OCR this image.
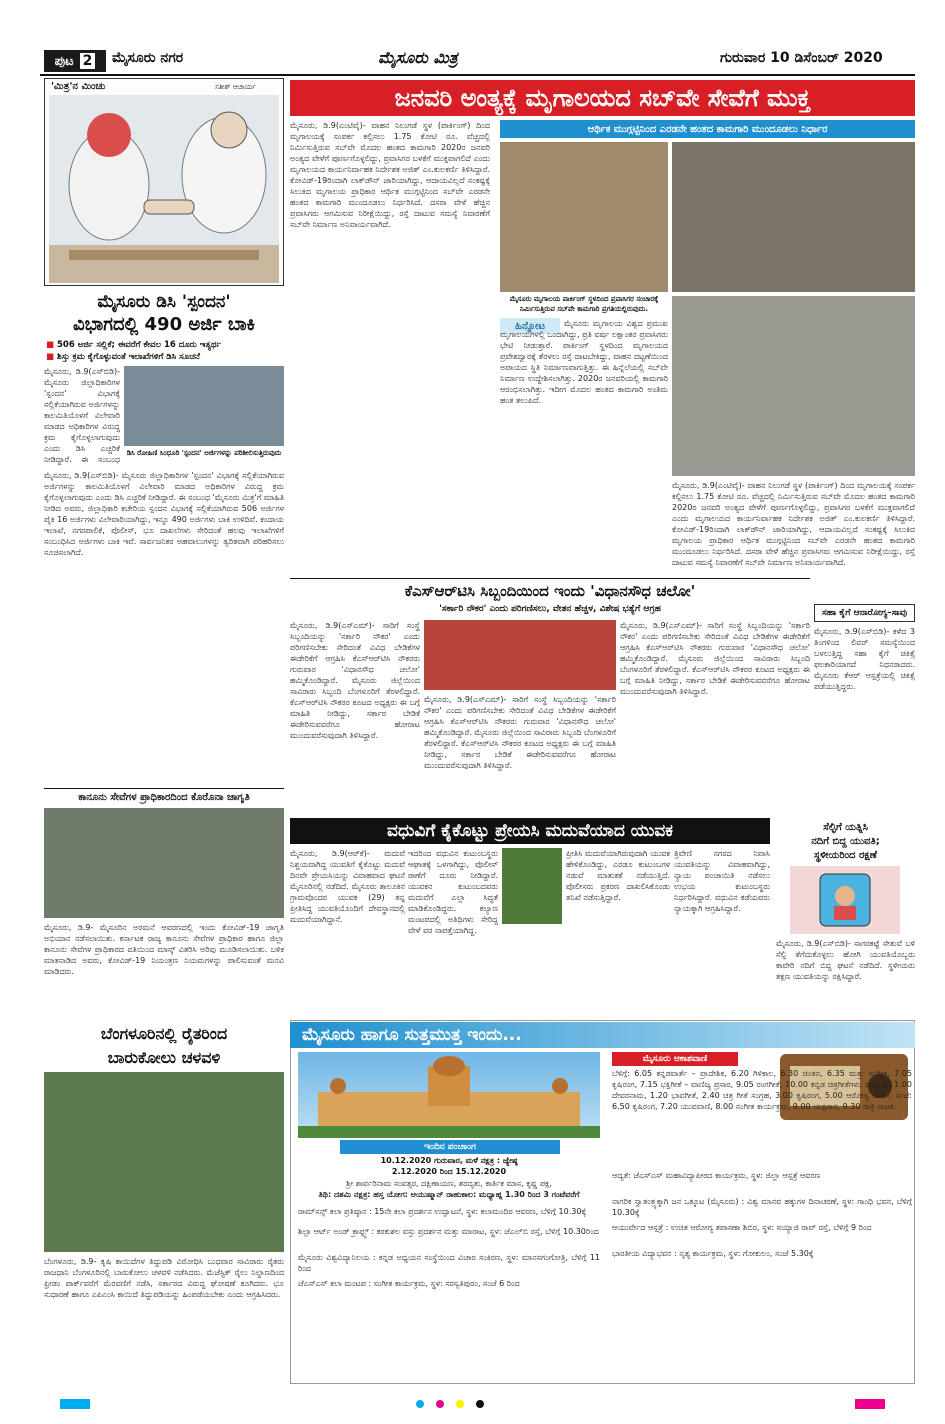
ಪುಟ 2 ಮೈಸೂರು ನಗರ	ಮೈಸೂರು ಮಿತ್ರ	ಗುರುವಾರ 10 ಡಿಸೆಂಬರ್ 2020
'ಮಿತ್ರ'ನ ಮಿಂಚು	ಸತೀಶ್ ಆಚಾರ್ಯ
ಮೈಸೂರು ಡಿಸಿ 'ಸ್ಪಂದನ'
ವಿಭಾಗದಲ್ಲಿ 490 ಅರ್ಜಿ ಬಾಕಿ
■ 506 ಅರ್ಜಿ ಸಲ್ಲಿಕೆ; ಈವರೆಗೆ ಕೇವಲ 16 ದೂರು ಇತ್ಯರ್ಥ
■ ಶಿಸ್ತು ಕ್ರಮ ಕೈಗೊಳ್ಳುವಂತೆ ಇಲಾಖೆಗಳಿಗೆ ಡಿಸಿ ಸೂಚನೆ
ಡಿಸಿ ರೋಹಿಣಿ ಸಿಂಧೂರಿ 'ಸ್ಪಂದನ' ಅರ್ಜಿಗಳನ್ನು ಪರಿಶೀಲಿಸುತ್ತಿರುವುದು
ಮೈಸೂರು, ಡಿ.9(ಎಸ್‌ಬಿಡಿ)- ಮೈಸೂರು ಜಿಲ್ಲಾಧಿಕಾರಿಗಳ 'ಸ್ಪಂದನ' ವಿಭಾಗಕ್ಕೆ ಸಲ್ಲಿಕೆಯಾಗಿರುವ ಅರ್ಜಿಗಳನ್ನು ಕಾಲಮಿತಿಯೊಳಗೆ ವಿಲೇವಾರಿ ಮಾಡದ ಅಧಿಕಾರಿಗಳ ವಿರುದ್ಧ ಕ್ರಮ ಕೈಗೊಳ್ಳಲಾಗುವುದು ಎಂದು ಡಿಸಿ ಎಚ್ಚರಿಕೆ ನೀಡಿದ್ದಾರೆ. ಈ ಸಂಬಂಧ
ಮೈಸೂರು, ಡಿ.9(ಎಸ್‌ಬಿಡಿ)- ಮೈಸೂರು ಜಿಲ್ಲಾಧಿಕಾರಿಗಳ 'ಸ್ಪಂದನ' ವಿಭಾಗಕ್ಕೆ ಸಲ್ಲಿಕೆಯಾಗಿರುವ ಅರ್ಜಿಗಳನ್ನು ಕಾಲಮಿತಿಯೊಳಗೆ ವಿಲೇವಾರಿ ಮಾಡದ ಅಧಿಕಾರಿಗಳ ವಿರುದ್ಧ ಕ್ರಮ ಕೈಗೊಳ್ಳಲಾಗುವುದು ಎಂದು ಡಿಸಿ ಎಚ್ಚರಿಕೆ ನೀಡಿದ್ದಾರೆ. ಈ ಸಂಬಂಧ 'ಮೈಸೂರು ಮಿತ್ರ'ಗೆ ಮಾಹಿತಿ ನೀಡಿದ ಅವರು, ಜಿಲ್ಲಾಧಿಕಾರಿ ಕಚೇರಿಯ ಸ್ಪಂದನ ವಿಭಾಗಕ್ಕೆ ಸಲ್ಲಿಕೆಯಾಗಿರುವ 506 ಅರ್ಜಿಗಳ ಪೈಕಿ 16 ಅರ್ಜಿಗಳು ವಿಲೇವಾರಿಯಾಗಿದ್ದು, ಇನ್ನೂ 490 ಅರ್ಜಿಗಳು ಬಾಕಿ ಉಳಿದಿವೆ. ಕಂದಾಯ ಇಲಾಖೆ, ನಗರಪಾಲಿಕೆ, ಪೊಲೀಸ್, ಭೂ ದಾಖಲೆಗಳು ಸೇರಿದಂತೆ ಹಲವು ಇಲಾಖೆಗಳಿಗೆ ಸಂಬಂಧಿಸಿದ ಅರ್ಜಿಗಳು ಬಾಕಿ ಇವೆ. ಸಾರ್ವಜನಿಕರ ಅಹವಾಲುಗಳನ್ನು ತ್ವರಿತವಾಗಿ ಪರಿಹರಿಸಲು ಸೂಚಿಸಲಾಗಿದೆ.
ಕಾನೂನು ಸೇವೆಗಳ ಪ್ರಾಧಿಕಾರದಿಂದ ಕೊರೊನಾ ಜಾಗೃತಿ
ಮೈಸೂರು, ಡಿ.9- ಮೈಸೂರಿನ ಅರಮನೆ ಆವರಣದಲ್ಲಿ ಇಂದು ಕೋವಿಡ್-19 ಜಾಗೃತಿ ಅಭಿಯಾನ ನಡೆಸಲಾಯಿತು. ಕರ್ನಾಟಕ ರಾಜ್ಯ ಕಾನೂನು ಸೇವೆಗಳ ಪ್ರಾಧಿಕಾರ ಹಾಗೂ ಜಿಲ್ಲಾ ಕಾನೂನು ಸೇವೆಗಳ ಪ್ರಾಧಿಕಾರದ ವತಿಯಿಂದ ಮಾಸ್ಕ್ ವಿತರಿಸಿ ಅರಿವು ಮೂಡಿಸಲಾಯಿತು. ಬಳಿಕ ಮಾತನಾಡಿದ ಅವರು, ಕೋವಿಡ್-19 ನಿಯಂತ್ರಣ ನಿಯಮಗಳನ್ನು ಪಾಲಿಸುವಂತೆ ಮನವಿ ಮಾಡಿದರು.
ಬೆಂಗಳೂರಿನಲ್ಲಿ ರೈತರಿಂದ
ಬಾರುಕೋಲು ಚಳವಳಿ
ಬೆಂಗಳೂರು, ಡಿ.9- ಕೃಷಿ ಕಾಯಿದೆಗಳ ತಿದ್ದುಪಡಿ ವಿರೋಧಿಸಿ ಬುಧವಾರ ಸಾವಿರಾರು ರೈತರು ರಾಜಧಾನಿ ಬೆಂಗಳೂರಿನಲ್ಲಿ ಬಾರುಕೋಲು ಚಳವಳಿ ನಡೆಸಿದರು. ಮೆಜೆಸ್ಟಿಕ್ ರೈಲು ನಿಲ್ದಾಣದಿಂದ ಫ್ರೀಡಂ ಪಾರ್ಕ್‌ವರೆಗೆ ಮೆರವಣಿಗೆ ನಡೆಸಿ, ಸರ್ಕಾರದ ವಿರುದ್ಧ ಘೋಷಣೆ ಕೂಗಿದರು. ಭೂ ಸುಧಾರಣೆ ಹಾಗೂ ಎಪಿಎಂಸಿ ಕಾಯಿದೆ ತಿದ್ದುಪಡಿಯನ್ನು ಹಿಂಪಡೆಯಬೇಕು ಎಂದು ಆಗ್ರಹಿಸಿದರು.
ಜನವರಿ ಅಂತ್ಯಕ್ಕೆ ಮೃಗಾಲಯದ ಸಬ್‌ವೇ ಸೇವೆಗೆ ಮುಕ್ತ
ಮೈಸೂರು, ಡಿ.9(ಎಂಟಿವೈ)- ವಾಹನ ನಿಲುಗಡೆ ಸ್ಥಳ (ಪಾರ್ಕಿಂಗ್) ದಿಂದ ಮೃಗಾಲಯಕ್ಕೆ ಸಂಪರ್ಕ ಕಲ್ಪಿಸಲು 1.75 ಕೋಟಿ ರೂ. ವೆಚ್ಚದಲ್ಲಿ ನಿರ್ಮಿಸುತ್ತಿರುವ ಸಬ್‌ವೇ ಮೊದಲ ಹಂತದ ಕಾಮಗಾರಿ 2020ರ ಜನವರಿ ಅಂತ್ಯದ ವೇಳೆಗೆ ಪೂರ್ಣಗೊಳ್ಳಲಿದ್ದು, ಪ್ರವಾಸಿಗರ ಬಳಕೆಗೆ ಮುಕ್ತವಾಗಲಿದೆ ಎಂದು ಮೃಗಾಲಯದ ಕಾರ್ಯನಿರ್ವಾಹಕ ನಿರ್ದೇಶಕ ಅಜಿತ್ ಎಂ.ಕುಲಕರ್ಣಿ ತಿಳಿಸಿದ್ದಾರೆ. ಕೋವಿಡ್-19ರಿಂದಾಗಿ ಲಾಕ್‌ಡೌನ್ ಜಾರಿಯಾಗಿದ್ದು, ಆದಾಯವಿಲ್ಲದೆ ಸಂಕಷ್ಟಕ್ಕೆ ಸಿಲುಕಿದ ಮೃಗಾಲಯ ಪ್ರಾಧಿಕಾರ ಆರ್ಥಿಕ ಮುಗ್ಗಟ್ಟಿನಿಂದ ಸಬ್‌ವೇ ಎರಡನೇ ಹಂತದ ಕಾಮಗಾರಿ ಮುಂದೂಡಲು ನಿರ್ಧರಿಸಿದೆ. ದಸರಾ ವೇಳೆ ಹೆಚ್ಚಿನ ಪ್ರವಾಸಿಗರು ಆಗಮಿಸುವ ನಿರೀಕ್ಷೆಯಿದ್ದು, ರಸ್ತೆ ದಾಟುವ ಸಮಸ್ಯೆ ನಿವಾರಣೆಗೆ ಸಬ್‌ವೇ ನಿರ್ಮಾಣ ಅನಿವಾರ್ಯವಾಗಿದೆ.
ಆರ್ಥಿಕ ಮುಗ್ಗಟ್ಟಿನಿಂದ ಎರಡನೇ ಹಂತದ ಕಾಮಗಾರಿ ಮುಂದೂಡಲು ನಿರ್ಧಾರ
ಮೈಸೂರು ಮೃಗಾಲಯ ಪಾರ್ಕಿಂಗ್ ಸ್ಥಳದಿಂದ ಪ್ರವಾಸಿಗರ ಸಂಚಾರಕ್ಕೆ ನಿರ್ಮಿಸುತ್ತಿರುವ ಸಬ್‌ವೇ ಕಾಮಗಾರಿ ಪ್ರಗತಿಯಲ್ಲಿರುವುದು.
ಹಿನ್ನೋಟ	ಮೈಸೂರು ಮೃಗಾಲಯ ವಿಶ್ವದ ಪ್ರಮುಖ ಮೃಗಾಲಯಗಳಲ್ಲಿ ಒಂದಾಗಿದ್ದು, ಪ್ರತಿ ವರ್ಷ ಲಕ್ಷಾಂತರ ಪ್ರವಾಸಿಗರು ಭೇಟಿ ನೀಡುತ್ತಾರೆ. ಪಾರ್ಕಿಂಗ್ ಸ್ಥಳದಿಂದ ಮೃಗಾಲಯದ ಪ್ರವೇಶದ್ವಾರಕ್ಕೆ ತೆರಳಲು ರಸ್ತೆ ದಾಟಬೇಕಿದ್ದು, ವಾಹನ ದಟ್ಟಣೆಯಿಂದ ಅಪಾಯದ ಸ್ಥಿತಿ ನಿರ್ಮಾಣವಾಗುತ್ತಿತ್ತು. ಈ ಹಿನ್ನೆಲೆಯಲ್ಲಿ ಸಬ್‌ವೇ ನಿರ್ಮಾಣ ಉದ್ದೇಶಿಸಲಾಗಿತ್ತು. 2020ರ ಜನವರಿಯಲ್ಲಿ ಕಾಮಗಾರಿ ಆರಂಭಿಸಲಾಗಿತ್ತು. ಇದೀಗ ಮೊದಲ ಹಂತದ ಕಾಮಗಾರಿ ಅಂತಿಮ ಹಂತ ತಲುಪಿದೆ.
ಮೈಸೂರು, ಡಿ.9(ಎಂಟಿವೈ)- ವಾಹನ ನಿಲುಗಡೆ ಸ್ಥಳ (ಪಾರ್ಕಿಂಗ್) ದಿಂದ ಮೃಗಾಲಯಕ್ಕೆ ಸಂಪರ್ಕ ಕಲ್ಪಿಸಲು 1.75 ಕೋಟಿ ರೂ. ವೆಚ್ಚದಲ್ಲಿ ನಿರ್ಮಿಸುತ್ತಿರುವ ಸಬ್‌ವೇ ಮೊದಲ ಹಂತದ ಕಾಮಗಾರಿ 2020ರ ಜನವರಿ ಅಂತ್ಯದ ವೇಳೆಗೆ ಪೂರ್ಣಗೊಳ್ಳಲಿದ್ದು, ಪ್ರವಾಸಿಗರ ಬಳಕೆಗೆ ಮುಕ್ತವಾಗಲಿದೆ ಎಂದು ಮೃಗಾಲಯದ ಕಾರ್ಯನಿರ್ವಾಹಕ ನಿರ್ದೇಶಕ ಅಜಿತ್ ಎಂ.ಕುಲಕರ್ಣಿ ತಿಳಿಸಿದ್ದಾರೆ. ಕೋವಿಡ್-19ರಿಂದಾಗಿ ಲಾಕ್‌ಡೌನ್ ಜಾರಿಯಾಗಿದ್ದು, ಆದಾಯವಿಲ್ಲದೆ ಸಂಕಷ್ಟಕ್ಕೆ ಸಿಲುಕಿದ ಮೃಗಾಲಯ ಪ್ರಾಧಿಕಾರ ಆರ್ಥಿಕ ಮುಗ್ಗಟ್ಟಿನಿಂದ ಸಬ್‌ವೇ ಎರಡನೇ ಹಂತದ ಕಾಮಗಾರಿ ಮುಂದೂಡಲು ನಿರ್ಧರಿಸಿದೆ. ದಸರಾ ವೇಳೆ ಹೆಚ್ಚಿನ ಪ್ರವಾಸಿಗರು ಆಗಮಿಸುವ ನಿರೀಕ್ಷೆಯಿದ್ದು, ರಸ್ತೆ ದಾಟುವ ಸಮಸ್ಯೆ ನಿವಾರಣೆಗೆ ಸಬ್‌ವೇ ನಿರ್ಮಾಣ ಅನಿವಾರ್ಯವಾಗಿದೆ.
ಕೆಎಸ್‌ಆರ್‌ಟಿಸಿ ಸಿಬ್ಬಂದಿಯಿಂದ ಇಂದು 'ವಿಧಾನಸೌಧ ಚಲೋ'
'ಸರ್ಕಾರಿ ನೌಕರ' ಎಂದು ಪರಿಗಣಿಸಲು, ವೇತನ ಹೆಚ್ಚಳ, ವಿಶೇಷ ಭತ್ಯೆಗೆ ಆಗ್ರಹ
ಮೈಸೂರು, ಡಿ.9(ಎಸ್‌ಎಮ್‌)- ಸಾರಿಗೆ ಸಂಸ್ಥೆ ಸಿಬ್ಬಂದಿಯನ್ನು 'ಸರ್ಕಾರಿ ನೌಕರ' ಎಂದು ಪರಿಗಣಿಸಬೇಕು ಸೇರಿದಂತೆ ವಿವಿಧ ಬೇಡಿಕೆಗಳ ಈಡೇರಿಕೆಗೆ ಆಗ್ರಹಿಸಿ ಕೆಎಸ್‌ಆರ್‌ಟಿಸಿ ನೌಕರರು ಗುರುವಾರ 'ವಿಧಾನಸೌಧ ಚಲೋ' ಹಮ್ಮಿಕೊಂಡಿದ್ದಾರೆ. ಮೈಸೂರು ಜಿಲ್ಲೆಯಿಂದ ಸಾವಿರಾರು ಸಿಬ್ಬಂದಿ ಬೆಂಗಳೂರಿಗೆ ತೆರಳಲಿದ್ದಾರೆ. ಕೆಎಸ್‌ಆರ್‌ಟಿಸಿ ನೌಕರರ ಕೂಟದ ಅಧ್ಯಕ್ಷರು ಈ ಬಗ್ಗೆ ಮಾಹಿತಿ ನೀಡಿದ್ದು, ಸರ್ಕಾರ ಬೇಡಿಕೆ ಈಡೇರಿಸುವವರೆಗೂ ಹೋರಾಟ ಮುಂದುವರೆಸುವುದಾಗಿ ತಿಳಿಸಿದ್ದಾರೆ.
ಮೈಸೂರು, ಡಿ.9(ಎಸ್‌ಎಮ್‌)- ಸಾರಿಗೆ ಸಂಸ್ಥೆ ಸಿಬ್ಬಂದಿಯನ್ನು 'ಸರ್ಕಾರಿ ನೌಕರ' ಎಂದು ಪರಿಗಣಿಸಬೇಕು ಸೇರಿದಂತೆ ವಿವಿಧ ಬೇಡಿಕೆಗಳ ಈಡೇರಿಕೆಗೆ ಆಗ್ರಹಿಸಿ ಕೆಎಸ್‌ಆರ್‌ಟಿಸಿ ನೌಕರರು ಗುರುವಾರ 'ವಿಧಾನಸೌಧ ಚಲೋ' ಹಮ್ಮಿಕೊಂಡಿದ್ದಾರೆ. ಮೈಸೂರು ಜಿಲ್ಲೆಯಿಂದ ಸಾವಿರಾರು ಸಿಬ್ಬಂದಿ ಬೆಂಗಳೂರಿಗೆ ತೆರಳಲಿದ್ದಾರೆ. ಕೆಎಸ್‌ಆರ್‌ಟಿಸಿ ನೌಕರರ ಕೂಟದ ಅಧ್ಯಕ್ಷರು ಈ ಬಗ್ಗೆ ಮಾಹಿತಿ ನೀಡಿದ್ದು, ಸರ್ಕಾರ ಬೇಡಿಕೆ ಈಡೇರಿಸುವವರೆಗೂ ಹೋರಾಟ ಮುಂದುವರೆಸುವುದಾಗಿ ತಿಳಿಸಿದ್ದಾರೆ.
ಮೈಸೂರು, ಡಿ.9(ಎಸ್‌ಎಮ್‌)- ಸಾರಿಗೆ ಸಂಸ್ಥೆ ಸಿಬ್ಬಂದಿಯನ್ನು 'ಸರ್ಕಾರಿ ನೌಕರ' ಎಂದು ಪರಿಗಣಿಸಬೇಕು ಸೇರಿದಂತೆ ವಿವಿಧ ಬೇಡಿಕೆಗಳ ಈಡೇರಿಕೆಗೆ ಆಗ್ರಹಿಸಿ ಕೆಎಸ್‌ಆರ್‌ಟಿಸಿ ನೌಕರರು ಗುರುವಾರ 'ವಿಧಾನಸೌಧ ಚಲೋ' ಹಮ್ಮಿಕೊಂಡಿದ್ದಾರೆ. ಮೈಸೂರು ಜಿಲ್ಲೆಯಿಂದ ಸಾವಿರಾರು ಸಿಬ್ಬಂದಿ ಬೆಂಗಳೂರಿಗೆ ತೆರಳಲಿದ್ದಾರೆ. ಕೆಎಸ್‌ಆರ್‌ಟಿಸಿ ನೌಕರರ ಕೂಟದ ಅಧ್ಯಕ್ಷರು ಈ ಬಗ್ಗೆ ಮಾಹಿತಿ ನೀಡಿದ್ದು, ಸರ್ಕಾರ ಬೇಡಿಕೆ ಈಡೇರಿಸುವವರೆಗೂ ಹೋರಾಟ ಮುಂದುವರೆಸುವುದಾಗಿ ತಿಳಿಸಿದ್ದಾರೆ.
ಸಹಾ ಕೈಗೆ ಆನಾರೋಗ್ಯ–ಸಾವು
ಮೈಸೂರು, ಡಿ.9(ಎಸ್‌ಬಿಡಿ)- ಕಳೆದ 3 ತಿಂಗಳಿಂದ ಲಿವರ್ ಸಮಸ್ಯೆಯಿಂದ ಬಳಲುತ್ತಿದ್ದ ಸಹಾ ಕೈಗೆ ಚಿಕಿತ್ಸೆ ಫಲಕಾರಿಯಾಗದೆ ನಿಧನರಾದರು. ಮೈಸೂರು ಕೆಆರ್ ಆಸ್ಪತ್ರೆಯಲ್ಲಿ ಚಿಕಿತ್ಸೆ ಪಡೆಯುತ್ತಿದ್ದರು.
ವಧುವಿಗೆ ಕೈಕೊಟ್ಟು ಪ್ರೇಯಸಿ ಮದುವೆಯಾದ ಯುವಕ
ಮೈಸೂರು, ಡಿ.9(ಆರ್‌ಕೆ)- ಮದುವೆ ನಿಶ್ಚಯವಾಗಿದ್ದ ಯುವತಿಗೆ ಕೈಕೊಟ್ಟು ಮದುವೆ ದಿನವೇ ಪ್ರೇಯಸಿಯನ್ನು ವಿವಾಹವಾದ ಘಟನೆ ಮೈಸೂರಿನಲ್ಲಿ ನಡೆದಿದೆ. ಮೈಸೂರು ತಾಲೂಕಿನ ಗ್ರಾಮವೊಂದರ ಯುವಕ (29) ತನ್ನ ಪ್ರೀತಿಸಿದ್ದ ಯುವತಿಯೊಂದಿಗೆ ದೇವಸ್ಥಾನದಲ್ಲಿ ಮದುವೆಯಾಗಿದ್ದಾನೆ.
ಇದರಿಂದ ವಧುವಿನ ಕುಟುಂಬಸ್ಥರು ಆಘಾತಕ್ಕೆ ಒಳಗಾಗಿದ್ದು, ಪೊಲೀಸ್ ಠಾಣೆಗೆ ದೂರು ನೀಡಿದ್ದಾರೆ. ಯುವಕನ ಕುಟುಂಬದವರು ಮದುವೆಗೆ ಎಲ್ಲಾ ಸಿದ್ಧತೆ ಮಾಡಿಕೊಂಡಿದ್ದರು. ಕಲ್ಯಾಣ ಮಂಟಪದಲ್ಲಿ ಅತಿಥಿಗಳು ಸೇರಿದ್ದ ವೇಳೆ ವರ ನಾಪತ್ತೆಯಾಗಿದ್ದ.
ಪ್ರೀತಿಸಿ ಮದುವೆಯಾಗಿರುವುದಾಗಿ ಯುವಕ ಹೇಳಿಕೊಂಡಿದ್ದು, ಎರಡೂ ಕುಟುಂಬಗಳ ನಡುವೆ ಮಾತುಕತೆ ನಡೆಯುತ್ತಿದೆ. ಪೊಲೀಸರು ಪ್ರಕರಣ ದಾಖಲಿಸಿಕೊಂಡು ತನಿಖೆ ನಡೆಸುತ್ತಿದ್ದಾರೆ.
ತ್ರಿವೇಣಿ ನಗರದ ನಿವಾಸಿ ಯುವತಿಯನ್ನು ವಿವಾಹವಾಗಿದ್ದು, ನ್ಯಾಯ ಪಂಚಾಯಿತಿ ನಡೆಸಲು ಉಭಯ ಕುಟುಂಬಸ್ಥರು ನಿರ್ಧರಿಸಿದ್ದಾರೆ. ವಧುವಿನ ಕಡೆಯವರು ನ್ಯಾಯಕ್ಕಾಗಿ ಆಗ್ರಹಿಸಿದ್ದಾರೆ.
ಸೆಲ್ಫಿಗೆ ಯತ್ನಿಸಿ
ನದಿಗೆ ಬಿದ್ದ ಯುವತಿ;
ಸ್ಥಳೀಯರಿಂದ ರಕ್ಷಣೆ
ಮೈಸೂರು, ಡಿ.9(ಎಸ್‌ಬಿಡಿ)- ಸಾಗರಕಟ್ಟೆ ಸೇತುವೆ ಬಳಿ ಸೆಲ್ಫಿ ತೆಗೆದುಕೊಳ್ಳಲು ಹೋಗಿ ಯುವತಿಯೊಬ್ಬರು ಕಾವೇರಿ ನದಿಗೆ ಬಿದ್ದ ಘಟನೆ ನಡೆದಿದೆ. ಸ್ಥಳೀಯರು ತಕ್ಷಣ ಯುವತಿಯನ್ನು ರಕ್ಷಿಸಿದ್ದಾರೆ.
ಮೈಸೂರು ಹಾಗೂ ಸುತ್ತಮುತ್ತ ಇಂದು...
ಇಂದಿನ ಪಂಚಾಂಗ
10.12.2020 ಗುರುವಾರ, ಮಳೆ ನಕ್ಷತ್ರ : ಜ್ಯೇಷ್ಠ
2.12.2020 ರಿಂದ 15.12.2020
ಶ್ರೀ ಶಾರ್ವರಿನಾಮ ಸಂವತ್ಸರ, ದಕ್ಷಿಣಾಯಣ, ಶರದೃತು, ಕಾರ್ತಿಕ ಮಾಸ, ಕೃಷ್ಣ ಪಕ್ಷ,
ತಿಥಿ: ದಶಮಿ ನಕ್ಷತ್ರ: ಹಸ್ತ ಯೋಗ: ಆಯುಷ್ಮಾನ್ ರಾಹುಕಾಲ: ಮಧ್ಯಾಹ್ನ 1.30 ರಿಂದ 3 ಗಂಟೆವರೆಗೆ
ಮೈಸೂರು ಆಕಾಶವಾಣಿ
ಬೆಳಿಗ್ಗೆ: 6.05 ಕನ್ನಡವಾರ್ತೆ – ಪ್ರಾದೇಶಿಕ, 6.20 ಗಿಳಿಕಾಲ, 6.30 ಚಿಂತನ, 6.35 ಮತ್ತು ಸಂಗೀತ, 7.05 ಕೃಷಿರಂಗ, 7.15 ಭಕ್ತಿಗೀತೆ – ವಾಣಿಜ್ಯ ಪ್ರಸಾರ, 9.05 ರಂಗಗೀತೆ, 10.00 ಕನ್ನಡ ಚಿತ್ರಗೀತೆಗಳು. ಮಧ್ಯಾಹ್ನ: 1.00 ದೇವರನಾಮ, 1.20 ಭಾವಗೀತೆ, 2.40 ಚಿತ್ರ ಗೀತೆ ಸಂಗ್ರಹ, 3.00 ಕೃಷಿರಂಗ, 5.00 ಆರೋಗ್ಯ ಚಿಂತನ. ಸಂಜೆ: 6.50 ಕೃಷಿರಂಗ, 7.20 ಯುವವಾಣಿ, 8.00 ಸಂಗೀತ ಕಾರ್ಯಕ್ರಮ, 9.00 ಯಕ್ಷಗಾನ, 9.30 ರಾತ್ರಿ ನಾಟಕ.
ರಾಮ್‌ಸನ್ಸ್ ಕಲಾ ಪ್ರತಿಷ್ಠಾನ : 15ನೇ ಕಲಾ ಪ್ರದರ್ಶನ ಉದ್ಘಾಟನೆ, ಸ್ಥಳ: ಕಲಾಮಂದಿರ ಆವರಣ, ಬೆಳಿಗ್ಗೆ 10.30ಕ್ಕೆ
ಶಿಲ್ಪಾ ಆರ್ಟ್ ಅಂಡ್ ಕ್ರಾಫ್ಟ್ಸ್ : ಕರಕುಶಲ ವಸ್ತು ಪ್ರದರ್ಶನ ಮತ್ತು ಮಾರಾಟ, ಸ್ಥಳ: ಜೆಎಲ್‌ಬಿ ರಸ್ತೆ, ಬೆಳಿಗ್ಗೆ 10.30ರಿಂದ
ಮೈಸೂರು ವಿಶ್ವವಿದ್ಯಾನಿಲಯ : ಕನ್ನಡ ಅಧ್ಯಯನ ಸಂಸ್ಥೆಯಿಂದ ವಿಚಾರ ಸಂಕಿರಣ, ಸ್ಥಳ: ಮಾನಸಗಂಗೋತ್ರಿ, ಬೆಳಿಗ್ಗೆ 11 ರಿಂದ
ಜೆಎಸ್‌ಎಸ್ ಕಲಾ ಮಂಟಪ : ಸಂಗೀತ ಕಾರ್ಯಕ್ರಮ, ಸ್ಥಳ: ಸರಸ್ವತಿಪುರಂ, ಸಂಜೆ 6 ರಿಂದ
ಆದ್ಯತೆ: ಜೆಎಸ್‌ಎಸ್ ಮಹಾವಿದ್ಯಾಪೀಠದ ಕಾರ್ಯಕ್ರಮ, ಸ್ಥಳ: ಜಿಲ್ಲಾ ಆಸ್ಪತ್ರೆ ಆವರಣ
ನಾಗರಿಕ ಸ್ವಾತಂತ್ರ್ಯಕ್ಕಾಗಿ ಜನ ಒಕ್ಕೂಟ (ಮೈಸೂರು) : ವಿಶ್ವ ಮಾನವ ಹಕ್ಕುಗಳ ದಿನಾಚರಣೆ, ಸ್ಥಳ: ಗಾಂಧಿ ಭವನ, ಬೆಳಿಗ್ಗೆ 10.30ಕ್ಕೆ
ಆಯುರ್ವೇದ ಆಸ್ಪತ್ರೆ : ಉಚಿತ ಆರೋಗ್ಯ ತಪಾಸಣಾ ಶಿಬಿರ, ಸ್ಥಳ: ಸಯ್ಯಾಜಿ ರಾವ್ ರಸ್ತೆ, ಬೆಳಿಗ್ಗೆ 9 ರಿಂದ
ಭಾರತೀಯ ವಿದ್ಯಾಭವನ : ನೃತ್ಯ ಕಾರ್ಯಕ್ರಮ, ಸ್ಥಳ: ಗೋಕುಲಂ, ಸಂಜೆ 5.30ಕ್ಕೆ
